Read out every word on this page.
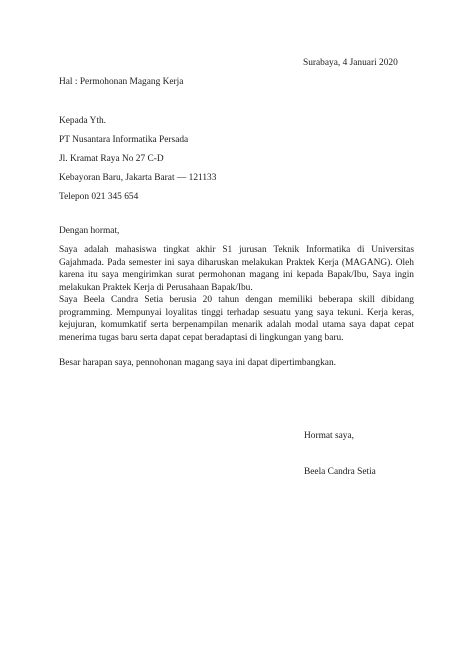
Surabaya, 4 Januari 2020
Hal : Permohonan Magang Kerja
Kepada Yth.
PT Nusantara Informatika Persada
Jl. Kramat Raya No 27 C-D
Kebayoran Baru, Jakarta Barat — 121133
Telepon 021 345 654
Dengan hormat,
Saya adalah mahasiswa tingkat akhir S1 jurusan Teknik Informatika di Universitas Gajahmada. Pada semester ini saya diharuskan melakukan Praktek Kerja (MAGANG). Oleh karena itu saya mengirimkan surat permohonan magang ini kepada Bapak/Ibu, Saya ingin melakukan Praktek Kerja di Perusahaan Bapak/Ibu.
Saya Beela Candra Setia berusia 20 tahun dengan memiliki beberapa skill dibidang programming. Mempunyai loyalitas tinggi terhadap sesuatu yang saya tekuni. Kerja keras, kejujuran, komumkatif serta berpenampilan menarik adalah modal utama saya dapat cepat menerima tugas baru serta dapat cepat beradaptasi di lingkungan yang baru.
Besar harapan saya, pennohonan magang saya ini dapat dipertimbangkan.
Hormat saya,
Beela Candra Setia
